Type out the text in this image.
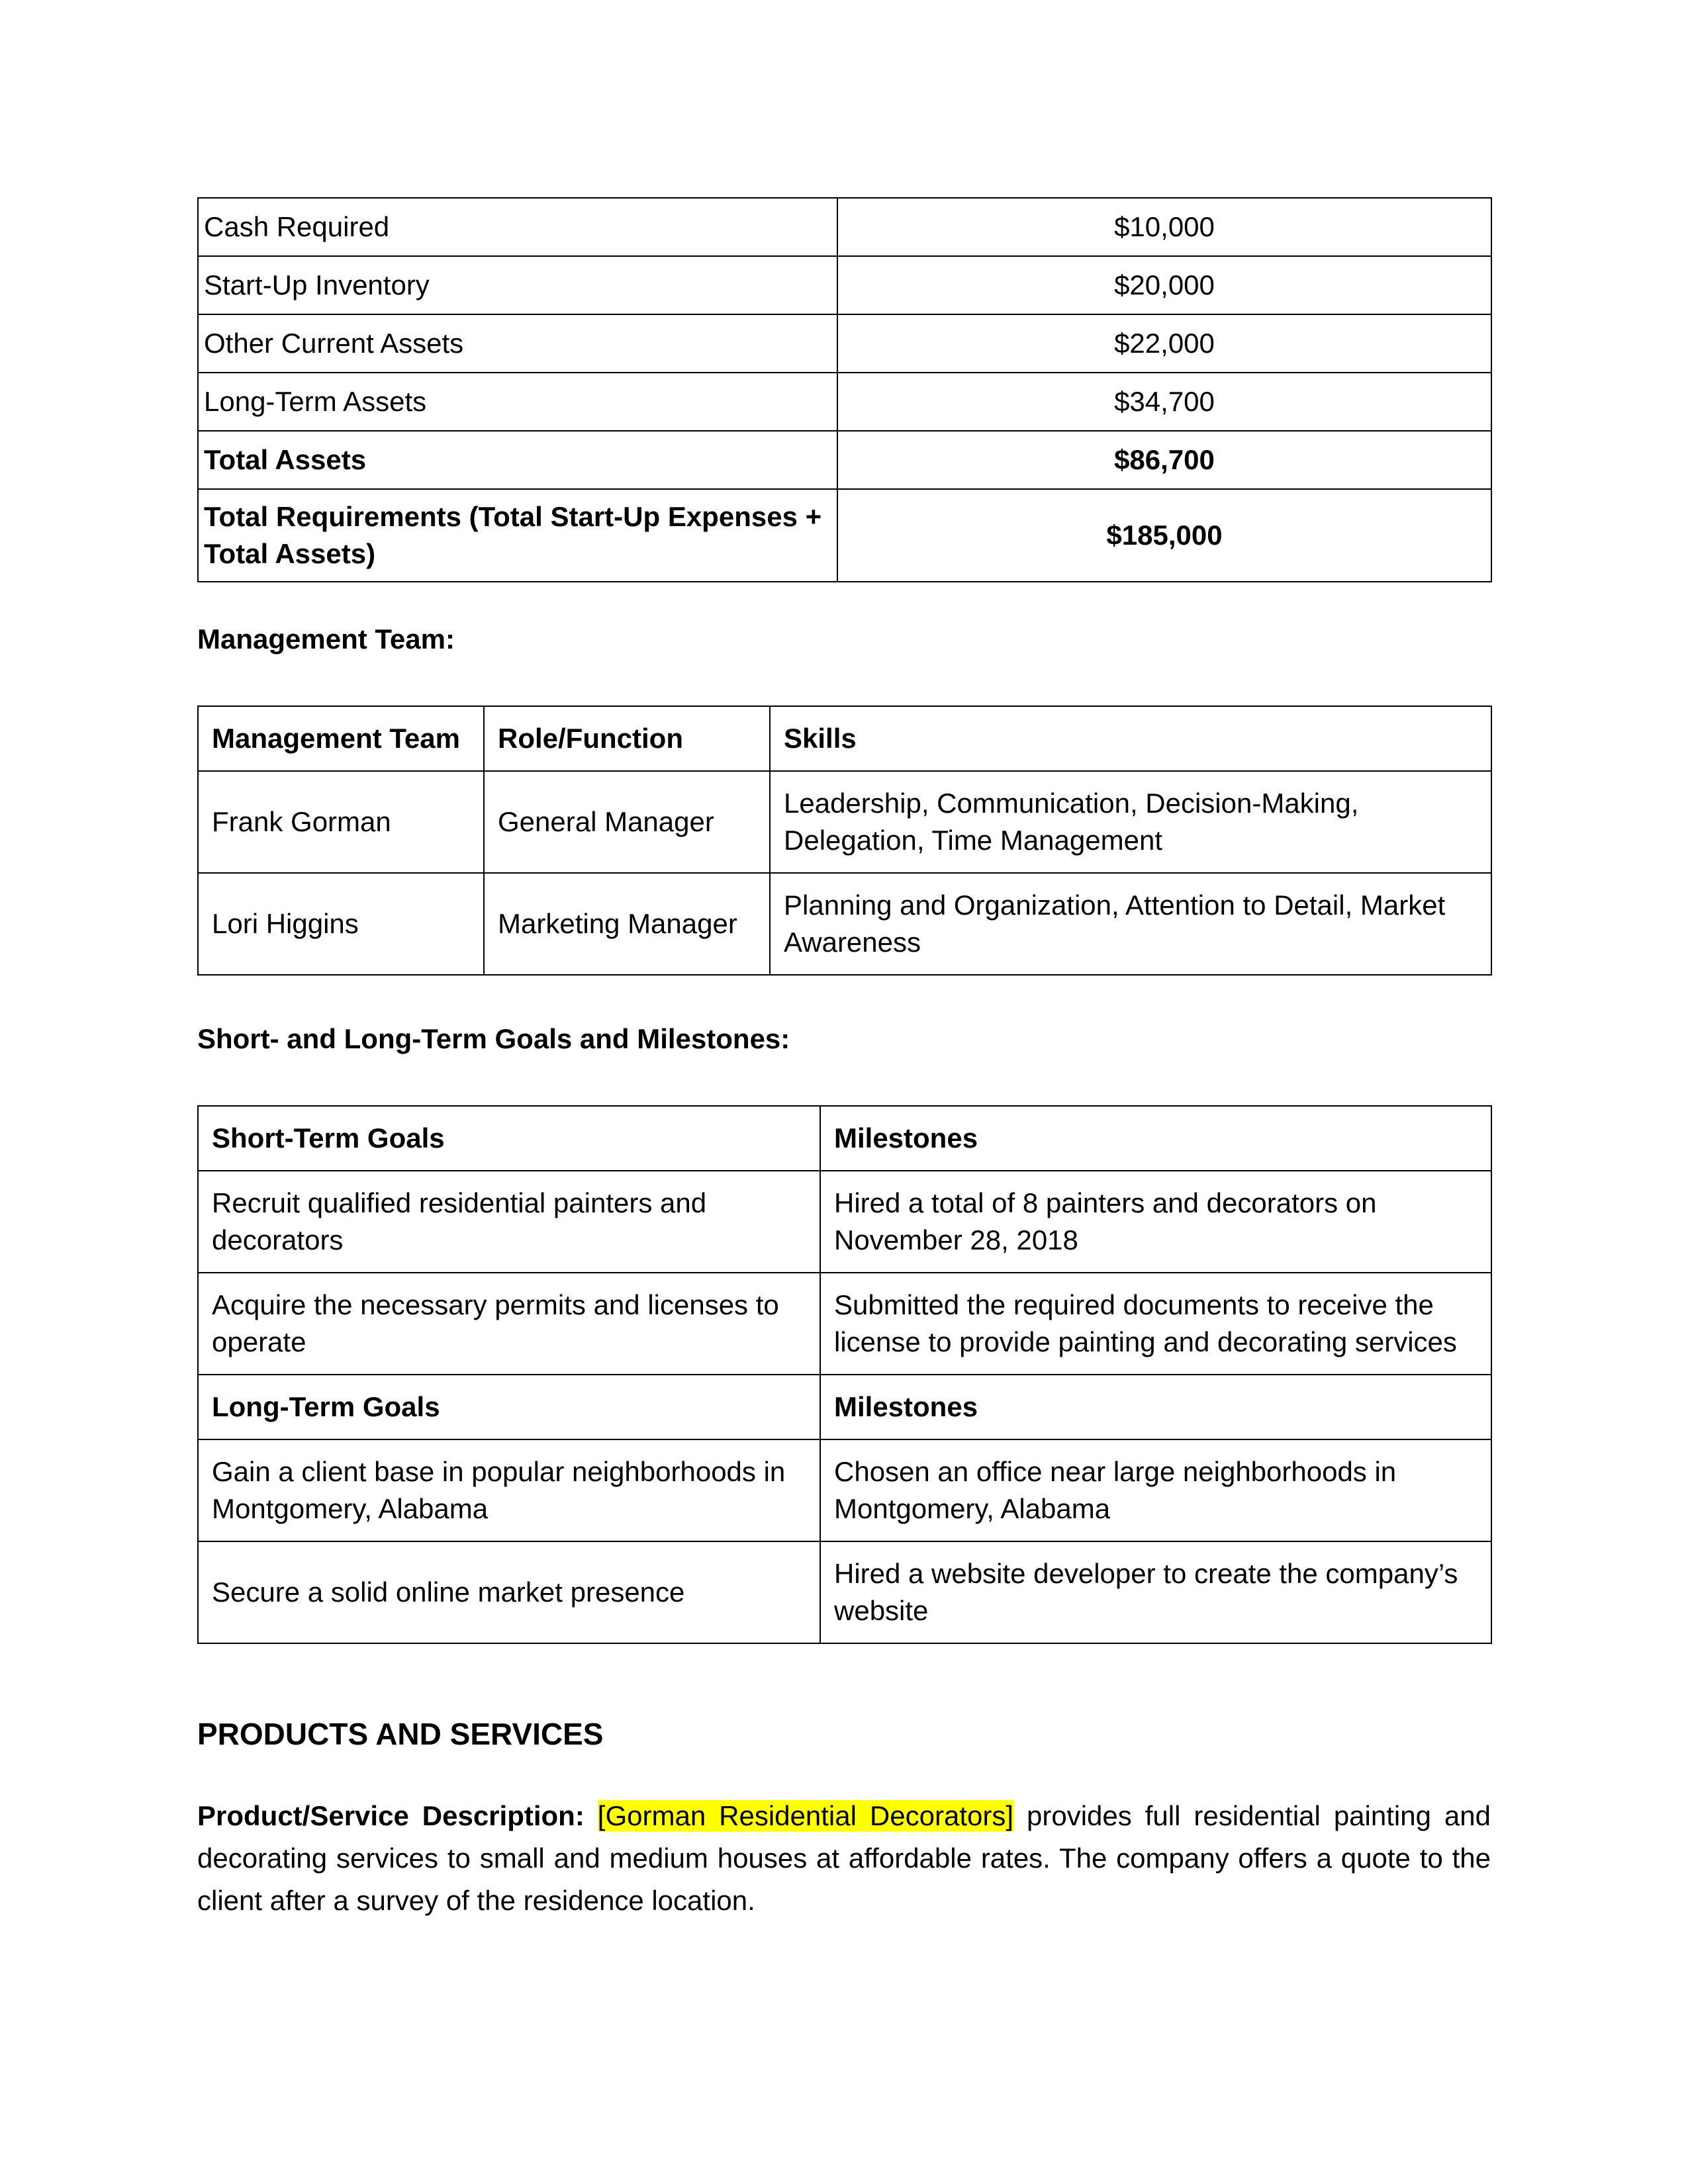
Cash Required	$10,000
Start-Up Inventory	$20,000
Other Current Assets	$22,000
Long-Term Assets	$34,700
Total Assets	$86,700
Total Requirements (Total Start-Up Expenses + Total Assets)	$185,000
Management Team:
Management Team	Role/Function	Skills
Frank Gorman	General Manager	Leadership, Communication, Decision-Making, Delegation, Time Management
Lori Higgins	Marketing Manager	Planning and Organization, Attention to Detail, Market Awareness
Short- and Long-Term Goals and Milestones:
Short-Term Goals	Milestones
Recruit qualified residential painters and decorators	Hired a total of 8 painters and decorators on November 28, 2018
Acquire the necessary permits and licenses to operate	Submitted the required documents to receive the license to provide painting and decorating services
Long-Term Goals	Milestones
Gain a client base in popular neighborhoods in Montgomery, Alabama	Chosen an office near large neighborhoods in Montgomery, Alabama
Secure a solid online market presence	Hired a website developer to create the company’s website
PRODUCTS AND SERVICES

Product/Service Description: [Gorman Residential Decorators] provides full residential painting and decorating services to small and medium houses at affordable rates. The company offers a quote to the client after a survey of the residence location.
